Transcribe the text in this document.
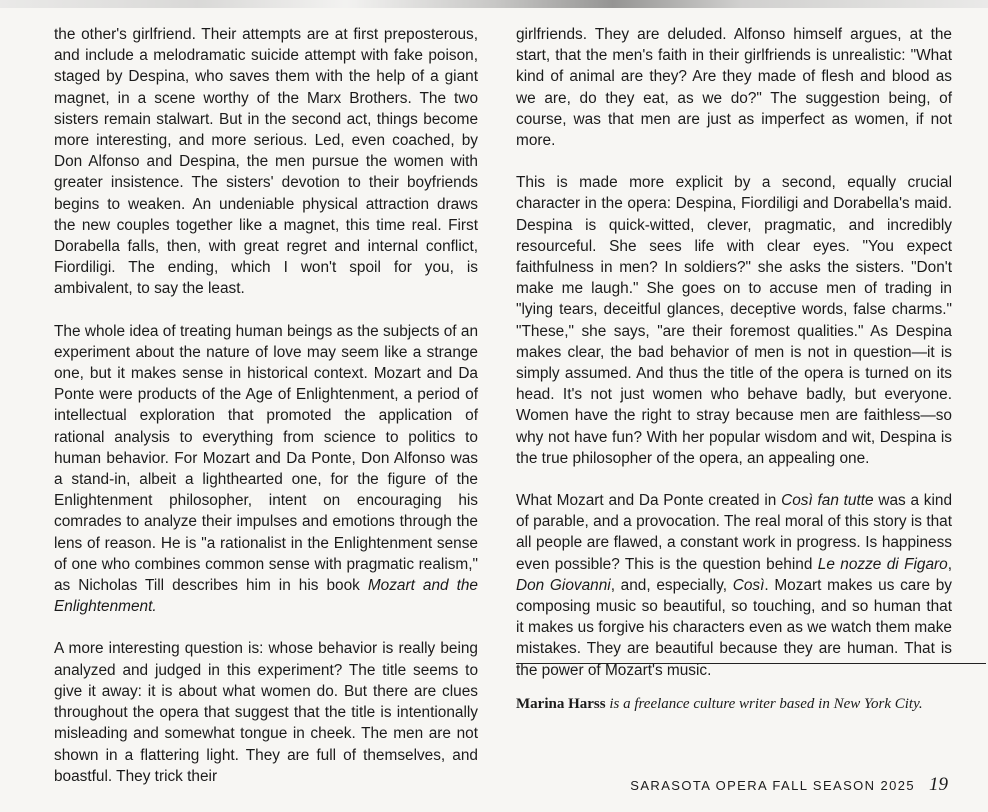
the other's girlfriend. Their attempts are at first preposterous, and include a melodramatic suicide attempt with fake poison, staged by Despina, who saves them with the help of a giant magnet, in a scene worthy of the Marx Brothers. The two sisters remain stalwart. But in the second act, things become more interesting, and more serious. Led, even coached, by Don Alfonso and Despina, the men pursue the women with greater insistence. The sisters' devotion to their boyfriends begins to weaken. An undeniable physical attraction draws the new couples together like a magnet, this time real. First Dorabella falls, then, with great regret and internal conflict, Fiordiligi. The ending, which I won't spoil for you, is ambivalent, to say the least.

The whole idea of treating human beings as the subjects of an experiment about the nature of love may seem like a strange one, but it makes sense in historical context. Mozart and Da Ponte were products of the Age of Enlightenment, a period of intellectual exploration that promoted the application of rational analysis to everything from science to politics to human behavior. For Mozart and Da Ponte, Don Alfonso was a stand-in, albeit a lighthearted one, for the figure of the Enlightenment philosopher, intent on encouraging his comrades to analyze their impulses and emotions through the lens of reason. He is "a rationalist in the Enlightenment sense of one who combines common sense with pragmatic realism," as Nicholas Till describes him in his book Mozart and the Enlightenment.

A more interesting question is: whose behavior is really being analyzed and judged in this experiment? The title seems to give it away: it is about what women do. But there are clues throughout the opera that suggest that the title is intentionally misleading and somewhat tongue in cheek. The men are not shown in a flattering light. They are full of themselves, and boastful. They trick their

girlfriends. They are deluded. Alfonso himself argues, at the start, that the men's faith in their girlfriends is unrealistic: "What kind of animal are they? Are they made of flesh and blood as we are, do they eat, as we do?" The suggestion being, of course, was that men are just as imperfect as women, if not more.

This is made more explicit by a second, equally crucial character in the opera: Despina, Fiordiligi and Dorabella's maid. Despina is quick-witted, clever, pragmatic, and incredibly resourceful. She sees life with clear eyes. "You expect faithfulness in men? In soldiers?" she asks the sisters. "Don't make me laugh." She goes on to accuse men of trading in "lying tears, deceitful glances, deceptive words, false charms." "These," she says, "are their foremost qualities." As Despina makes clear, the bad behavior of men is not in question—it is simply assumed. And thus the title of the opera is turned on its head. It's not just women who behave badly, but everyone. Women have the right to stray because men are faithless—so why not have fun? With her popular wisdom and wit, Despina is the true philosopher of the opera, an appealing one.

What Mozart and Da Ponte created in Così fan tutte was a kind of parable, and a provocation. The real moral of this story is that all people are flawed, a constant work in progress. Is happiness even possible? This is the question behind Le nozze di Figaro, Don Giovanni, and, especially, Così. Mozart makes us care by composing music so beautiful, so touching, and so human that it makes us forgive his characters even as we watch them make mistakes. They are beautiful because they are human. That is the power of Mozart's music.

Marina Harss is a freelance culture writer based in New York City.
SARASOTA OPERA FALL SEASON 2025 19
